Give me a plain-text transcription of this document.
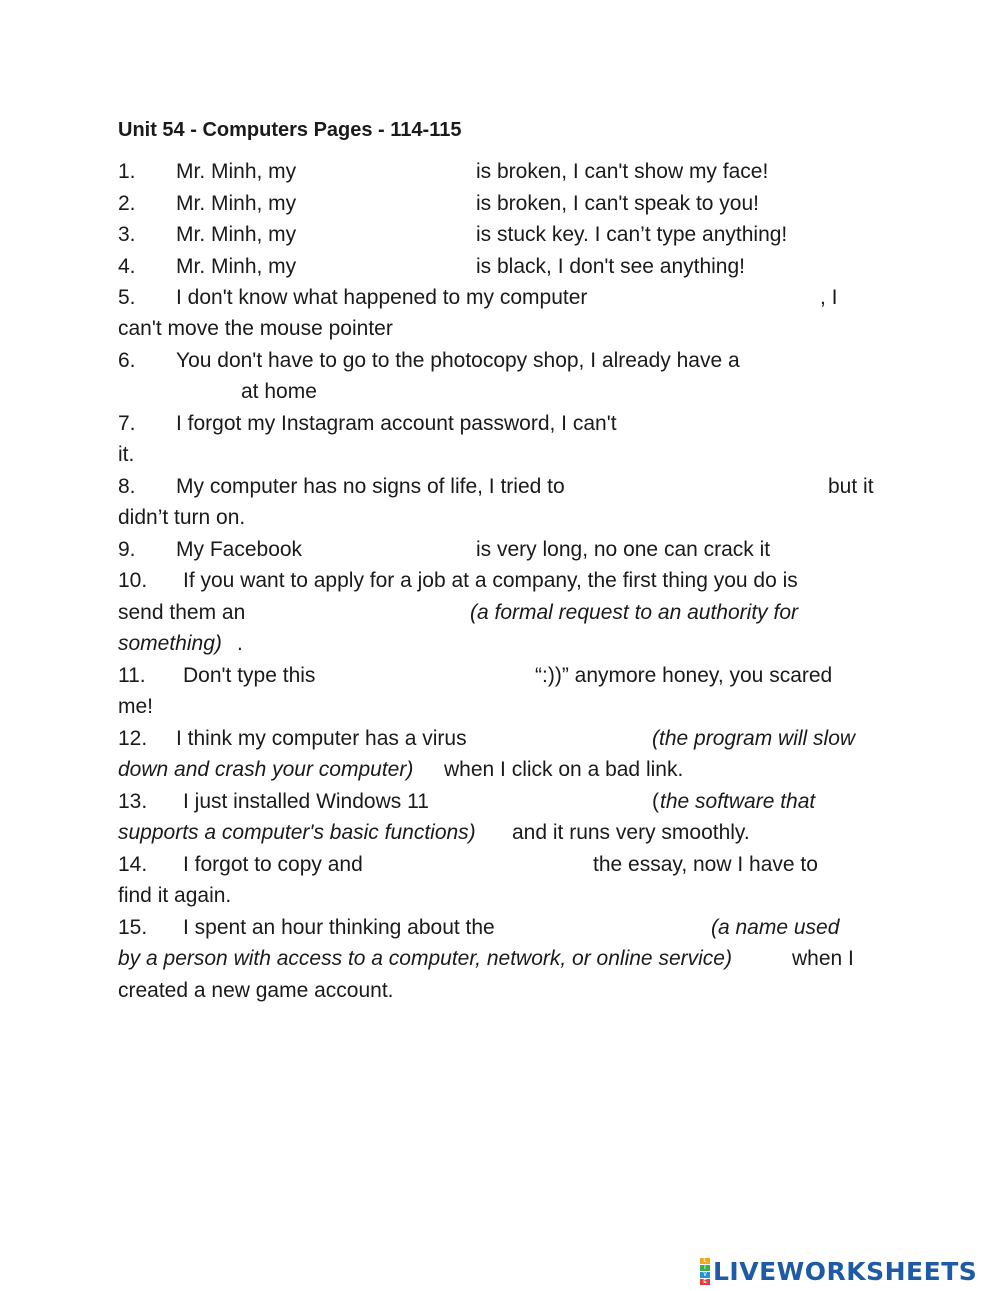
Unit 54 - Computers Pages - 114-115
1. Mr. Minh, my	is broken, I can't show my face!
2. Mr. Minh, my	is broken, I can't speak to you!
3. Mr. Minh, my	is stuck key. I can’t type anything!
4. Mr. Minh, my	is black, I don't see anything!
5. I don't know what happened to my computer	, I
can't move the mouse pointer
6. You don't have to go to the photocopy shop, I already have a
at home
7. I forgot my Instagram account password, I can't
it.
8. My computer has no signs of life, I tried to	but it
didn’t turn on.
9. My Facebook	is very long, no one can crack it
10. If you want to apply for a job at a company, the first thing you do is
send them an	(a formal request to an authority for
something) .
11. Don't type this	“:))” anymore honey, you scared
me!
12. I think my computer has a virus	(the program will slow
down and crash your computer) when I click on a bad link.
13. I just installed Windows 11	( the software that
supports a computer's basic functions) and it runs very smoothly.
14. I forgot to copy and	the essay, now I have to
find it again.
15. I spent an hour thinking about the	(a name used
by a person with access to a computer, network, or online service)	when I
created a new game account.
L
I
V
E LIVEWORKSHEETS
